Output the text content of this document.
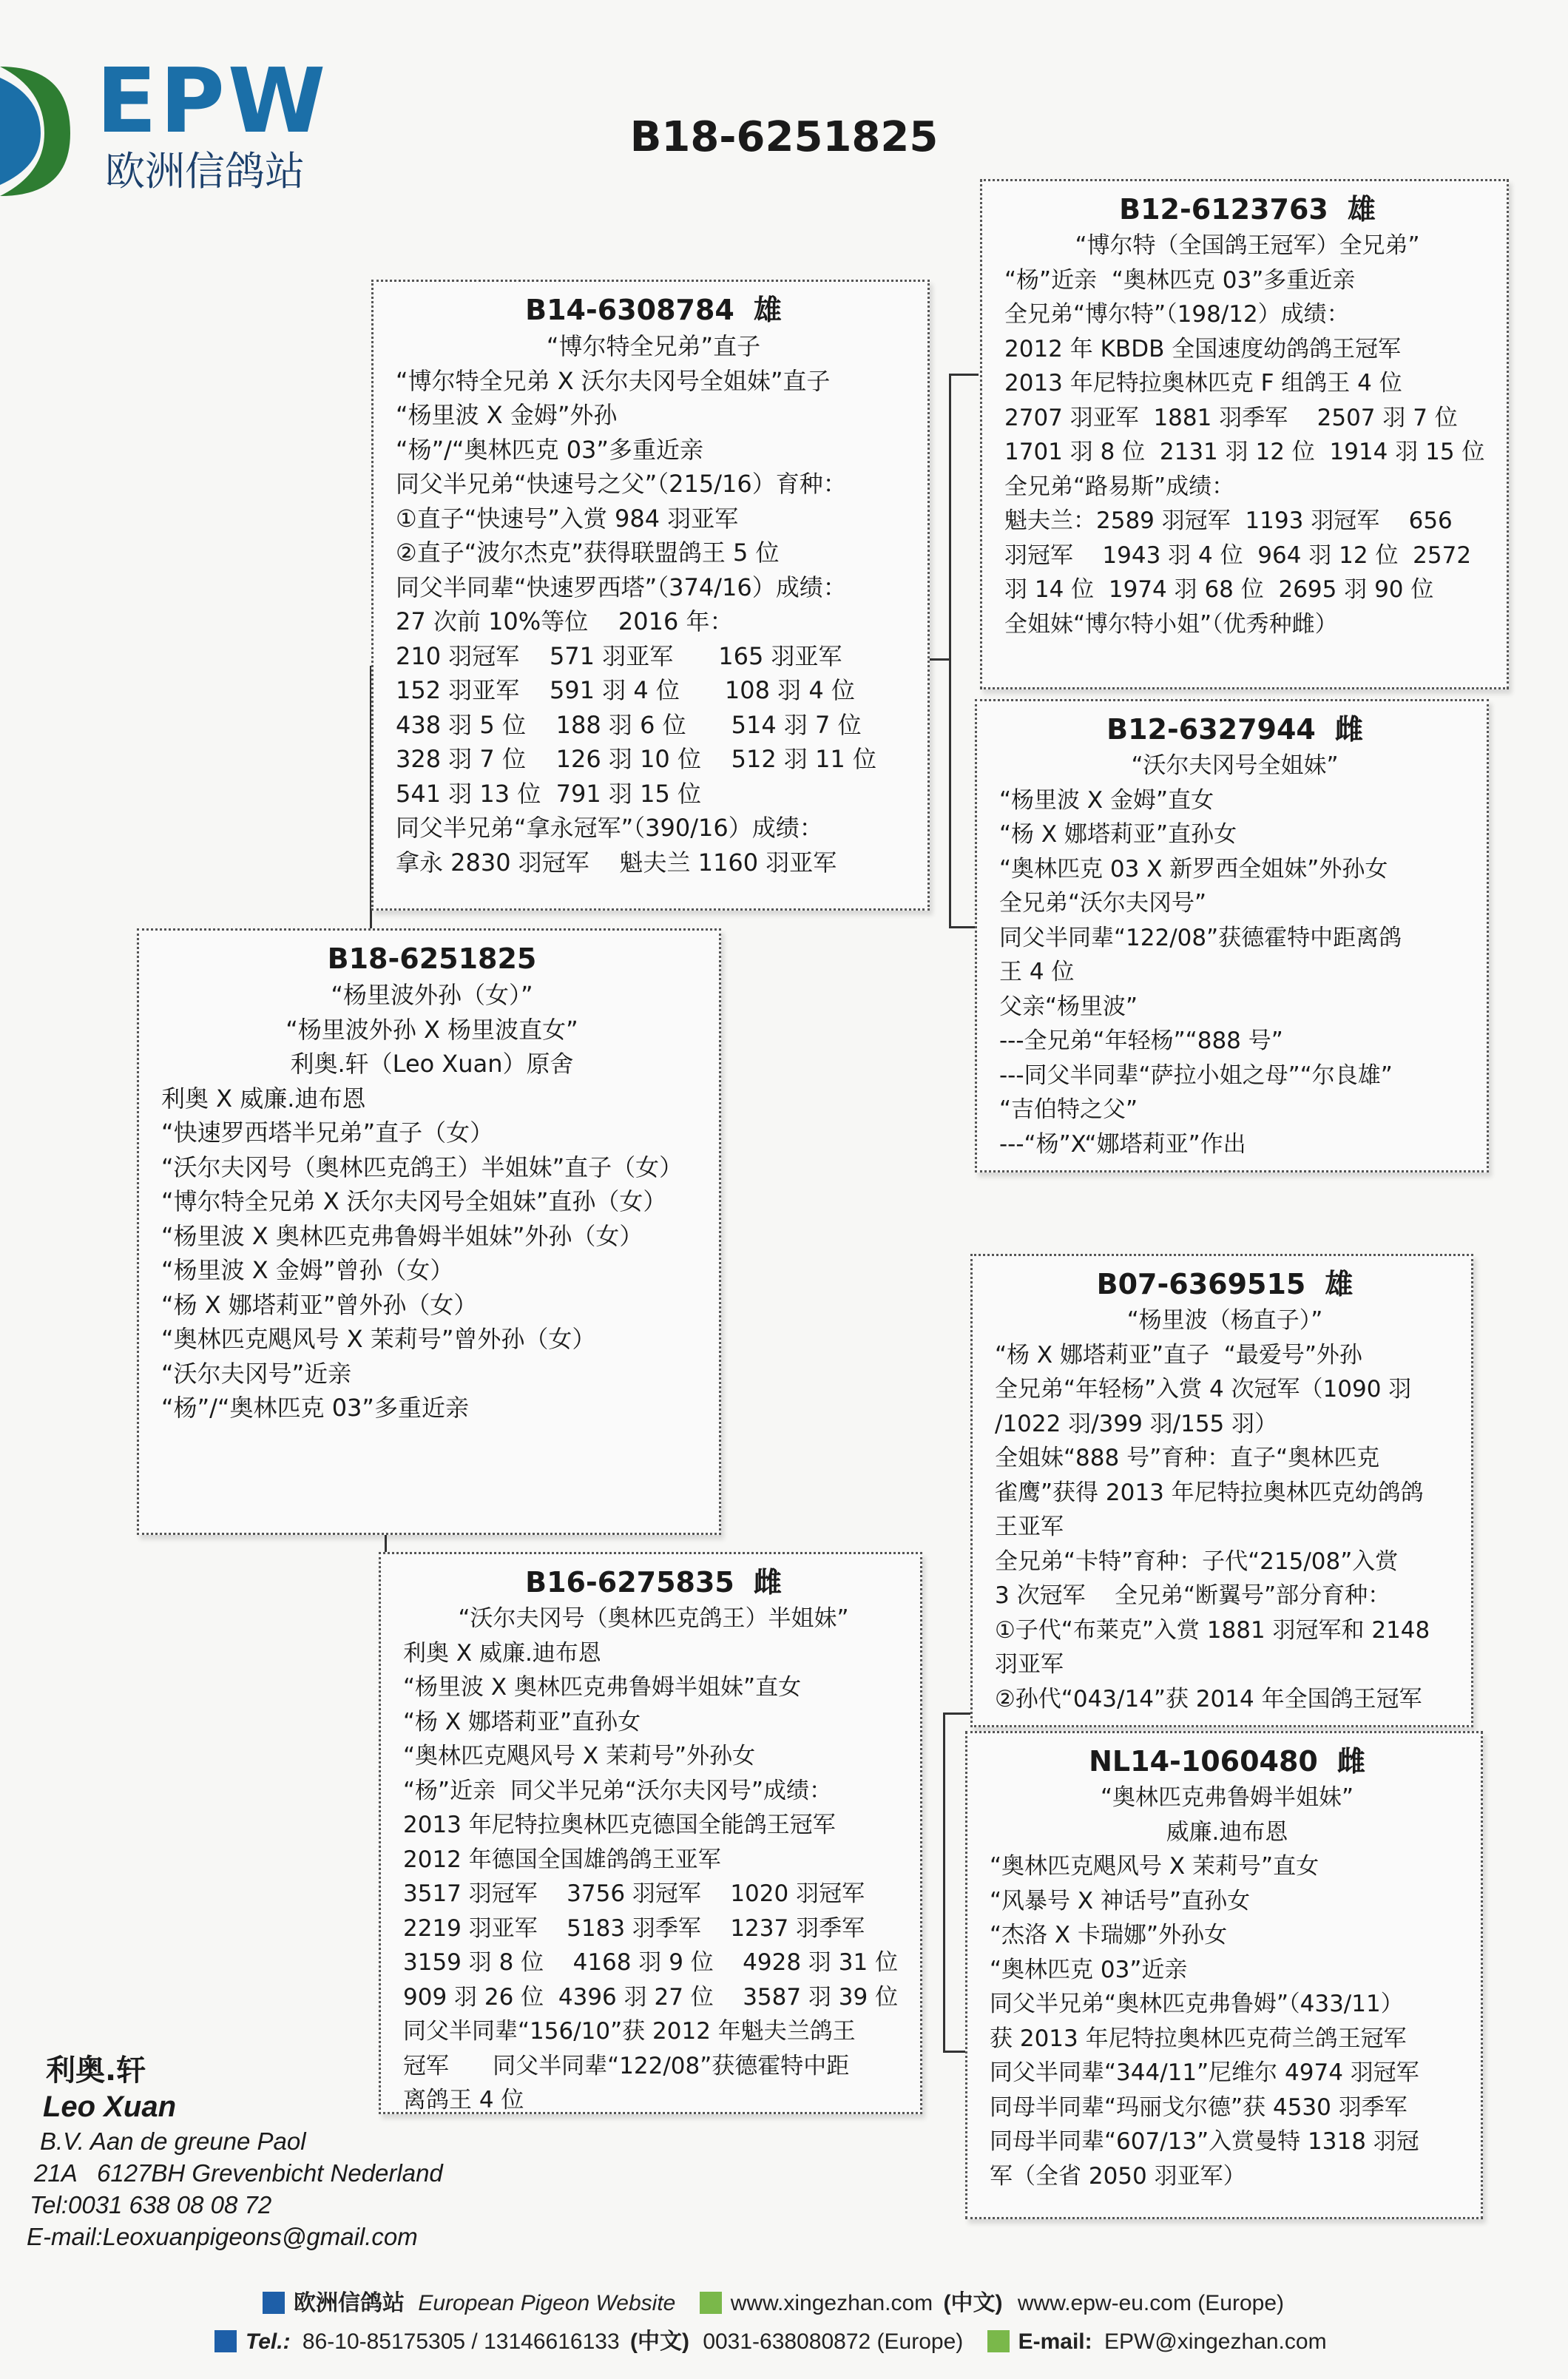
EPW
欧洲信鸽站
B18-6251825
B14-6308784 雄
“博尔特全兄弟”直子
“博尔特全兄弟 X 沃尔夫冈号全姐妹”直子
“杨里波 X 金姆”外孙
“杨”/“奥林匹克 03”多重近亲
同父半兄弟“快速号之父”（215/16）育种：
①直子“快速号”入赏 984 羽亚军
②直子“波尔杰克”获得联盟鸽王 5 位
同父半同辈“快速罗西塔”（374/16）成绩：
27 次前 10%等位    2016 年：
210 羽冠军    571 羽亚军      165 羽亚军
152 羽亚军    591 羽 4 位      108 羽 4 位
438 羽 5 位    188 羽 6 位      514 羽 7 位
328 羽 7 位    126 羽 10 位    512 羽 11 位
541 羽 13 位  791 羽 15 位
同父半兄弟“拿永冠军”（390/16）成绩：
拿永 2830 羽冠军    魁夫兰 1160 羽亚军
B18-6251825
“杨里波外孙（女）”
“杨里波外孙 X 杨里波直女”
利奥.轩（Leo Xuan）原舍
利奥 X 威廉.迪布恩
“快速罗西塔半兄弟”直子（女）
“沃尔夫冈号（奥林匹克鸽王）半姐妹”直子（女）
“博尔特全兄弟 X 沃尔夫冈号全姐妹”直孙（女）
“杨里波 X 奥林匹克弗鲁姆半姐妹”外孙（女）
“杨里波 X 金姆”曾孙（女）
“杨 X 娜塔莉亚”曾外孙（女）
“奥林匹克飓风号 X 茉莉号”曾外孙（女）
“沃尔夫冈号”近亲
“杨”/“奥林匹克 03”多重近亲
B16-6275835 雌
“沃尔夫冈号（奥林匹克鸽王）半姐妹”
利奥 X 威廉.迪布恩
“杨里波 X 奥林匹克弗鲁姆半姐妹”直女
“杨 X 娜塔莉亚”直孙女
“奥林匹克飓风号 X 茉莉号”外孙女
“杨”近亲  同父半兄弟“沃尔夫冈号”成绩：
2013 年尼特拉奥林匹克德国全能鸽王冠军
2012 年德国全国雄鸽鸽王亚军
3517 羽冠军    3756 羽冠军    1020 羽冠军
2219 羽亚军    5183 羽季军    1237 羽季军
3159 羽 8 位    4168 羽 9 位    4928 羽 31 位
909 羽 26 位  4396 羽 27 位    3587 羽 39 位
同父半同辈“156/10”获 2012 年魁夫兰鸽王
冠军      同父半同辈“122/08”获德霍特中距
离鸽王 4 位
B12-6123763 雄
“博尔特（全国鸽王冠军）全兄弟”
“杨”近亲  “奥林匹克 03”多重近亲
全兄弟“博尔特”（198/12）成绩：
2012 年 KBDB 全国速度幼鸽鸽王冠军
2013 年尼特拉奥林匹克 F 组鸽王 4 位
2707 羽亚军  1881 羽季军    2507 羽 7 位
1701 羽 8 位  2131 羽 12 位  1914 羽 15 位
全兄弟“路易斯”成绩：
魁夫兰：2589 羽冠军  1193 羽冠军    656
羽冠军    1943 羽 4 位  964 羽 12 位  2572
羽 14 位  1974 羽 68 位  2695 羽 90 位
全姐妹“博尔特小姐”（优秀种雌）
B12-6327944 雌
“沃尔夫冈号全姐妹”
“杨里波 X 金姆”直女
“杨 X 娜塔莉亚”直孙女
“奥林匹克 03 X 新罗西全姐妹”外孙女
全兄弟“沃尔夫冈号”
同父半同辈“122/08”获德霍特中距离鸽
王 4 位
父亲“杨里波”
---全兄弟“年轻杨”“888 号”
---同父半同辈“萨拉小姐之母”“尔良雄”
“吉伯特之父”
---“杨”X“娜塔莉亚”作出
B07-6369515 雄
“杨里波（杨直子）”
“杨 X 娜塔莉亚”直子  “最爱号”外孙
全兄弟“年轻杨”入赏 4 次冠军（1090 羽
/1022 羽/399 羽/155 羽）
全姐妹“888 号”育种：直子“奥林匹克
雀鹰”获得 2013 年尼特拉奥林匹克幼鸽鸽
王亚军
全兄弟“卡特”育种：子代“215/08”入赏
3 次冠军    全兄弟“断翼号”部分育种：
①子代“布莱克”入赏 1881 羽冠军和 2148
羽亚军
②孙代“043/14”获 2014 年全国鸽王冠军
NL14-1060480 雌
“奥林匹克弗鲁姆半姐妹”
威廉.迪布恩
“奥林匹克飓风号 X 茉莉号”直女
“风暴号 X 神话号”直孙女
“杰洛 X 卡瑞娜”外孙女
“奥林匹克 03”近亲
同父半兄弟“奥林匹克弗鲁姆”（433/11）
获 2013 年尼特拉奥林匹克荷兰鸽王冠军
同父半同辈“344/11”尼维尔 4974 羽冠军
同母半同辈“玛丽戈尔德”获 4530 羽季军
同母半同辈“607/13”入赏曼特 1318 羽冠
军（全省 2050 羽亚军）
利奥.轩
Leo Xuan
B.V. Aan de greune Paol
21A   6127BH Grevenbicht Nederland
Tel:0031 638 08 08 72
E-mail:Leoxuanpigeons@gmail.com
欧洲信鸽站 European Pigeon Website www.xingezhan.com (中文) www.epw-eu.com (Europe)
Tel.: 86-10-85175305 / 13146616133 (中文) 0031-638080872 (Europe) E-mail: EPW@xingezhan.com
